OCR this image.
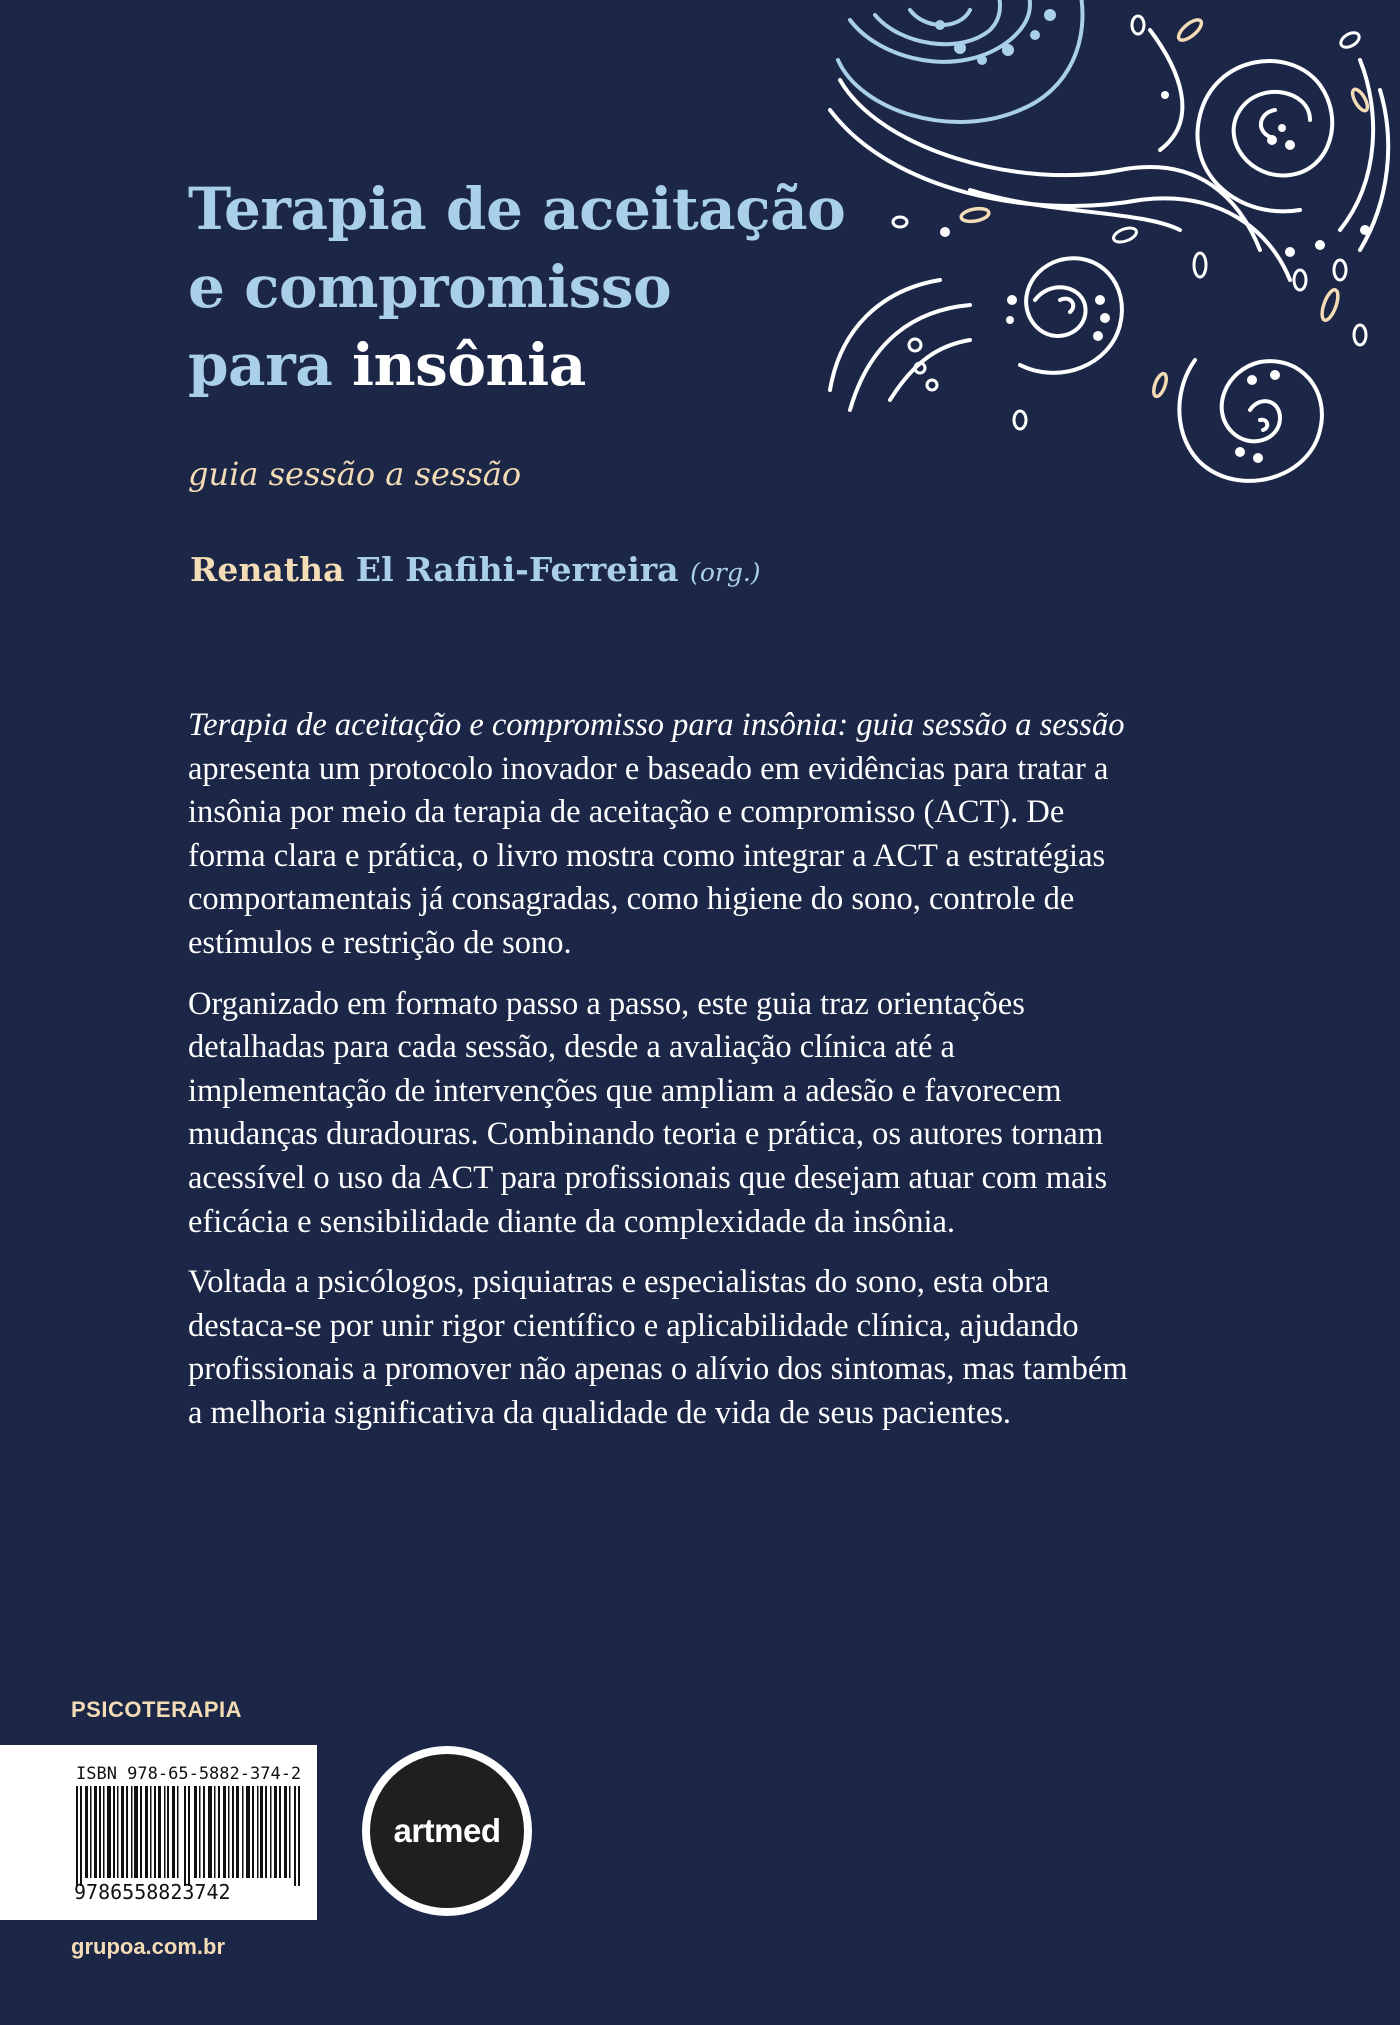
Terapia de aceitação
e compromisso
para insônia
guia sessão a sessão
Renatha El Rafihi-Ferreira (org.)

Terapia de aceitação e compromisso para insônia: guia sessão a sessão apresenta um protocolo inovador e baseado em evidências para tratar a insônia por meio da terapia de aceitação e compromisso (ACT). De forma clara e prática, o livro mostra como integrar a ACT a estratégias comportamentais já consagradas, como higiene do sono, controle de estímulos e restrição de sono.

Organizado em formato passo a passo, este guia traz orientações detalhadas para cada sessão, desde a avaliação clínica até a implementação de intervenções que ampliam a adesão e favorecem mudanças duradouras. Combinando teoria e prática, os autores tornam acessível o uso da ACT para profissionais que desejam atuar com mais eficácia e sensibilidade diante da complexidade da insônia.

Voltada a psicólogos, psiquiatras e especialistas do sono, esta obra destaca-se por unir rigor científico e aplicabilidade clínica, ajudando profissionais a promover não apenas o alívio dos sintomas, mas também a melhoria significativa da qualidade de vida de seus pacientes.

PSICOTERAPIA
ISBN 978-65-5882-374-2
9786558823742
artmed
grupoa.com.br
